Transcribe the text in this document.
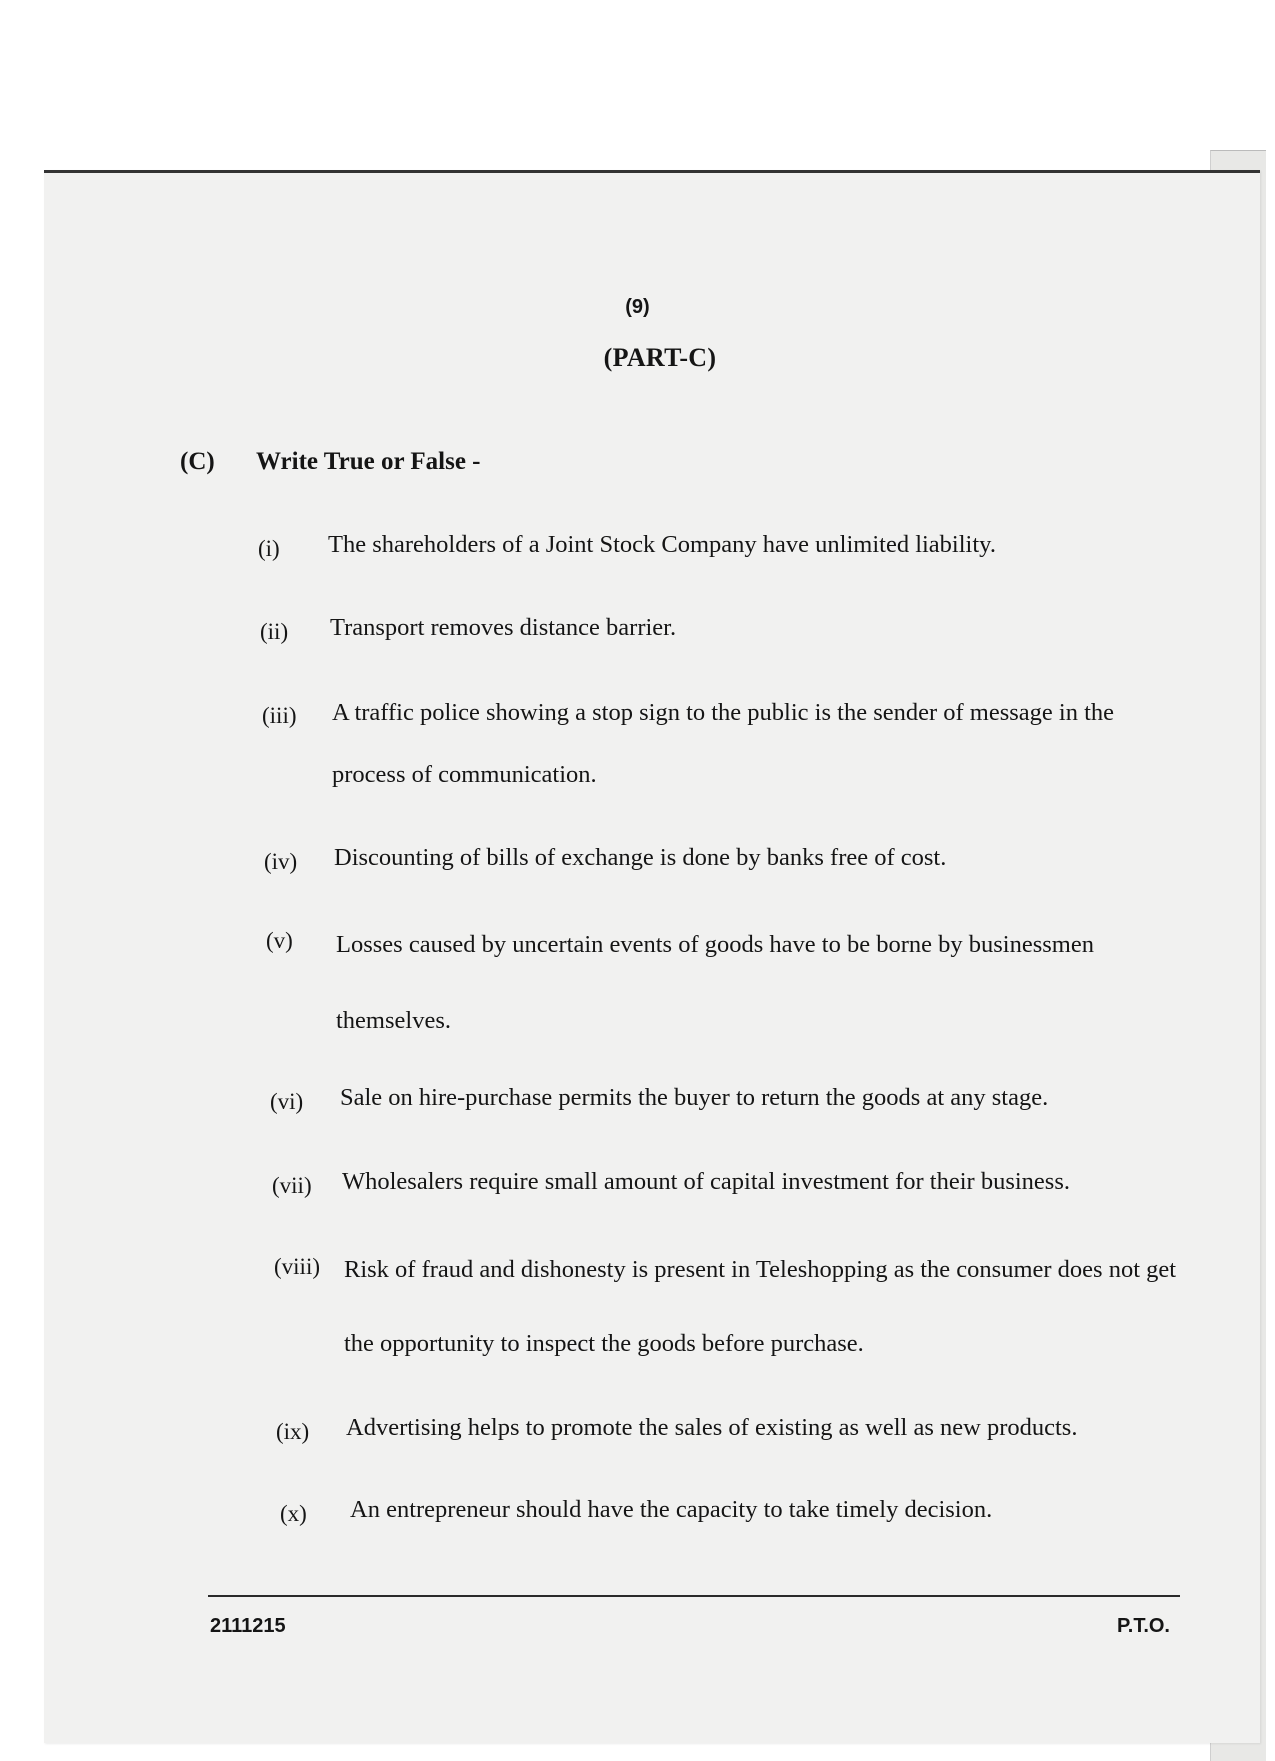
(9)
(PART-C)
(C) Write True or False -
(i) The shareholders of a Joint Stock Company have unlimited liability.
(ii) Transport removes distance barrier.
(iii) A traffic police showing a stop sign to the public is the sender of message in the process of communication.
(iv) Discounting of bills of exchange is done by banks free of cost.
(v) Losses caused by uncertain events of goods have to be borne by businessmen themselves.
(vi) Sale on hire-purchase permits the buyer to return the goods at any stage.
(vii) Wholesalers require small amount of capital investment for their business.
(viii) Risk of fraud and dishonesty is present in Teleshopping as the consumer does not get the opportunity to inspect the goods before purchase.
(ix) Advertising helps to promote the sales of existing as well as new products.
(x) An entrepreneur should have the capacity to take timely decision.
2111215	P.T.O.
